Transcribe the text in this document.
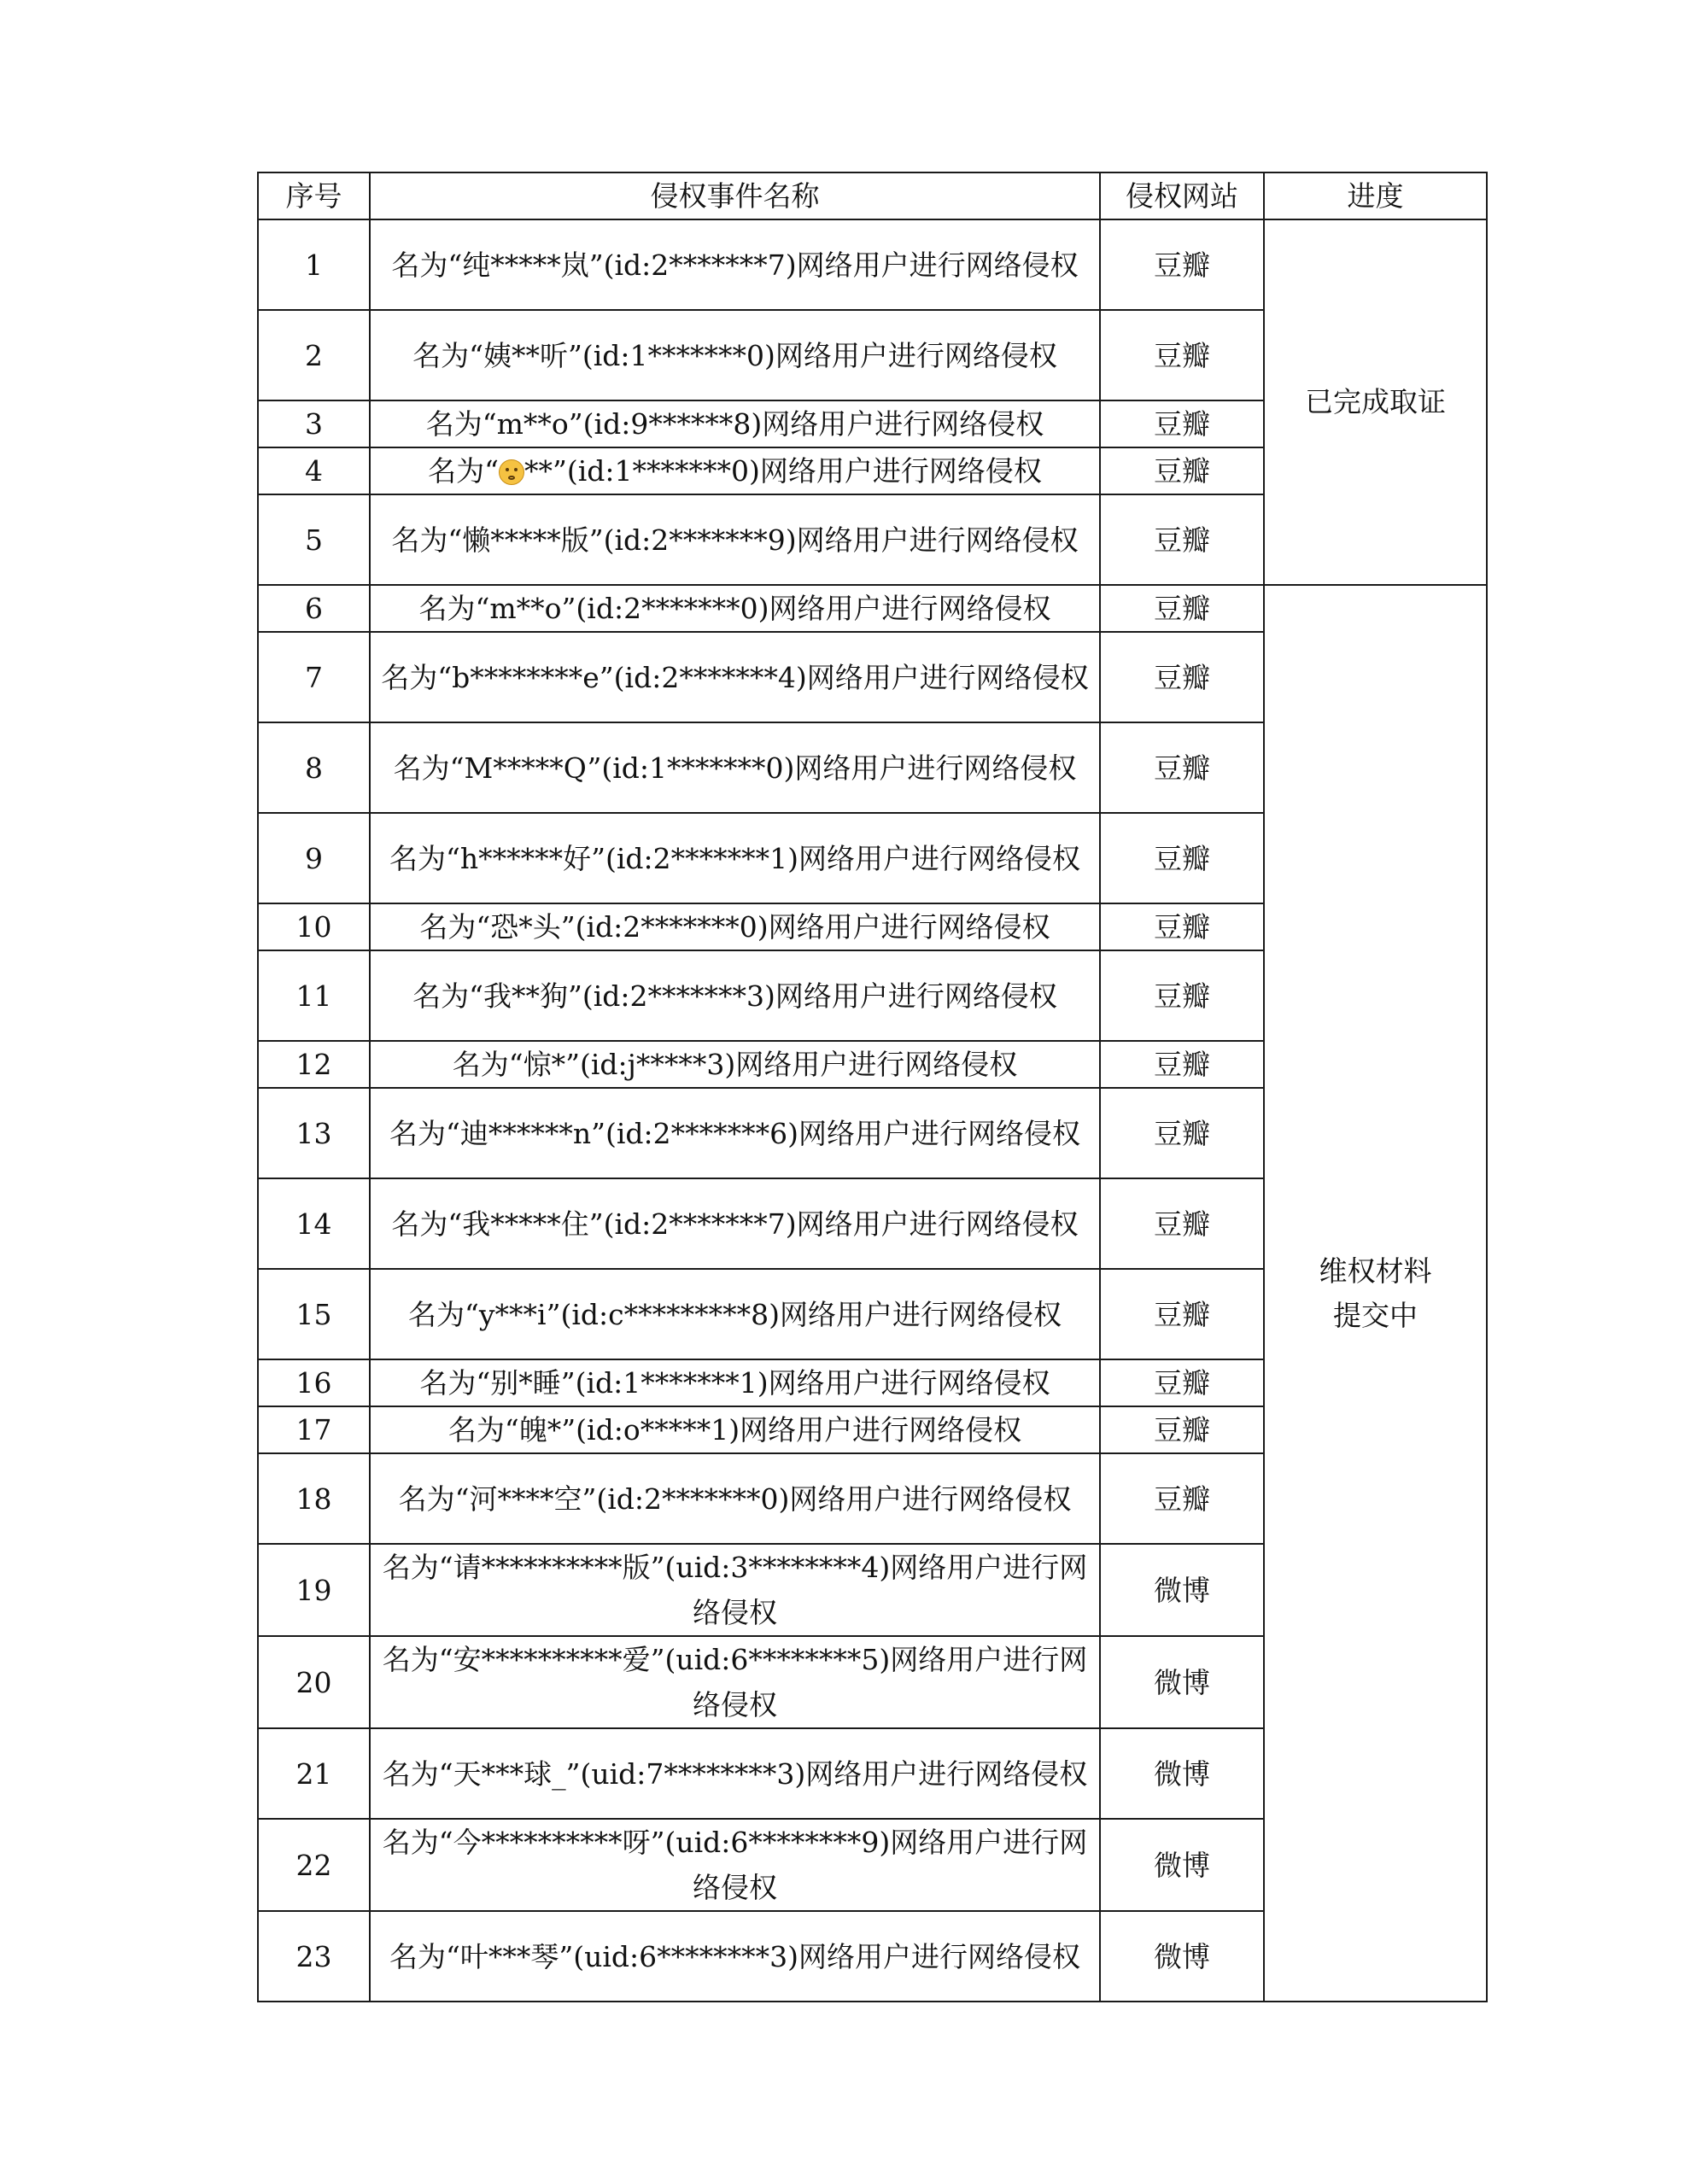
序号	侵权事件名称	侵权网站	进度
1	名为“纯*****岚”(id:2*******7)网络用户进行网络侵权	豆瓣	已完成取证

2	名为“姨**听”(id:1*******0)网络用户进行网络侵权	豆瓣	
3	名为“m**o”(id:9******8)网络用户进行网络侵权	豆瓣	
4	名为“ **”(id:1*******0)网络用户进行网络侵权	豆瓣	
5	名为“懒*****版”(id:2*******9)网络用户进行网络侵权	豆瓣	
6	名为“m**o”(id:2*******0)网络用户进行网络侵权	豆瓣	维权材料提交中

7	名为“b********e”(id:2*******4)网络用户进行网络侵权	豆瓣	
8	名为“M*****Q”(id:1*******0)网络用户进行网络侵权	豆瓣	
9	名为“h******好”(id:2*******1)网络用户进行网络侵权	豆瓣	
10	名为“恐*头”(id:2*******0)网络用户进行网络侵权	豆瓣	
11	名为“我**狗”(id:2*******3)网络用户进行网络侵权	豆瓣	
12	名为“惊*”(id:j*****3)网络用户进行网络侵权	豆瓣	
13	名为“迪******n”(id:2*******6)网络用户进行网络侵权	豆瓣	
14	名为“我*****住”(id:2*******7)网络用户进行网络侵权	豆瓣	
15	名为“y***i”(id:c*********8)网络用户进行网络侵权	豆瓣	
16	名为“别*睡”(id:1*******1)网络用户进行网络侵权	豆瓣	
17	名为“魄*”(id:o*****1)网络用户进行网络侵权	豆瓣	
18	名为“河****空”(id:2*******0)网络用户进行网络侵权	豆瓣	
19	名为“请**********版”(uid:3********4)网络用户进行网络侵权	微博	
20	名为“安**********爱”(uid:6********5)网络用户进行网络侵权	微博	
21	名为“天***球_”(uid:7********3)网络用户进行网络侵权	微博	
22	名为“今**********呀”(uid:6********9)网络用户进行网络侵权	微博	
23	名为“叶***琴”(uid:6********3)网络用户进行网络侵权	微博	
